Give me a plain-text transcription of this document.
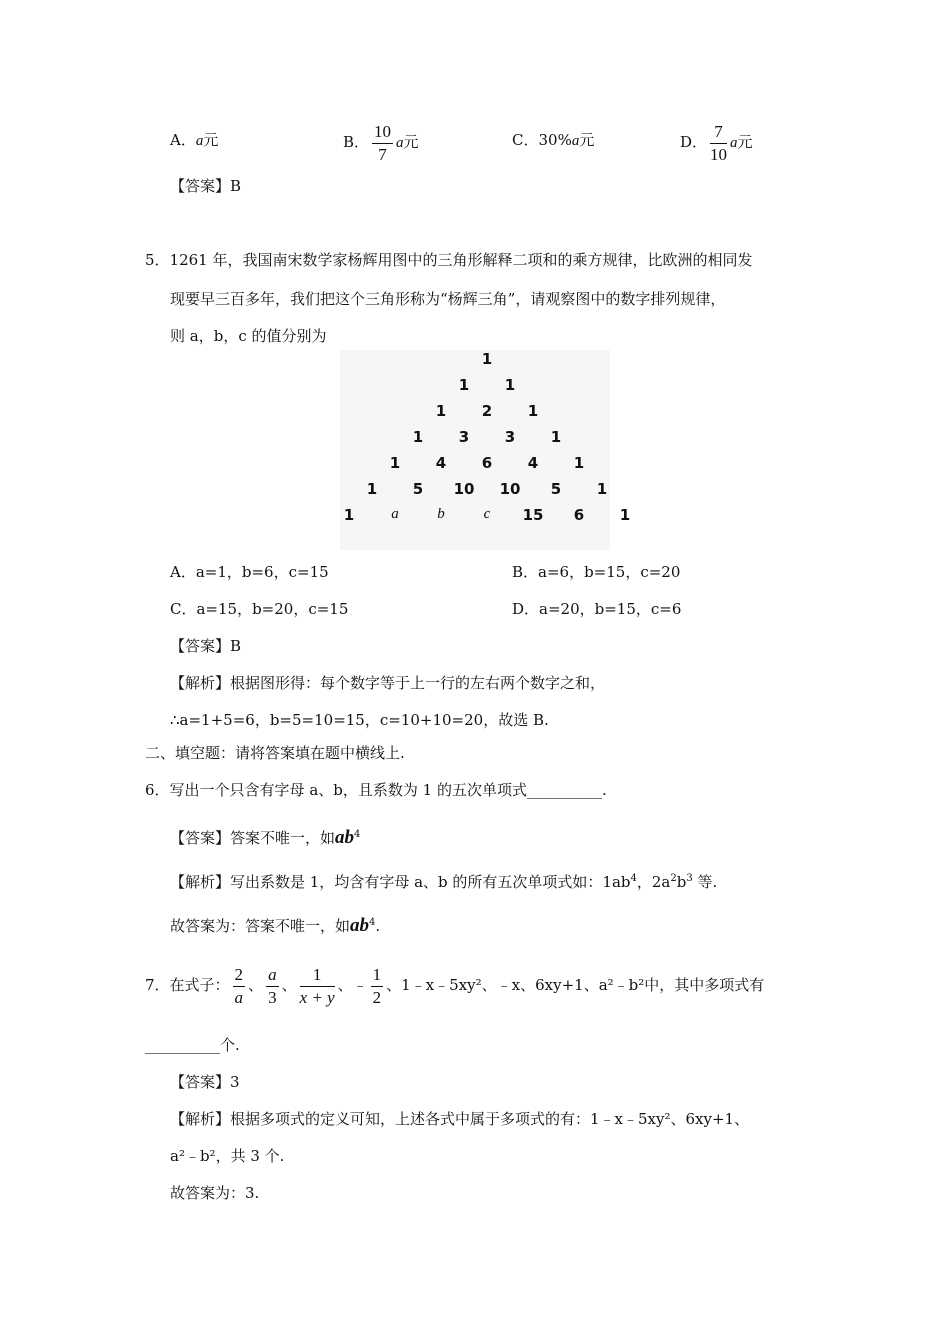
A．a元	B． $\frac{10}{7}$ a元	C．30%a元	D． $\frac{7}{10}$ a元
【答案】B
5．1261 年，我国南宋数学家杨辉用图中的三角形解释二项和的乘方规律，比欧洲的相同发
现要早三百多年，我们把这个三角形称为“杨辉三角”，请观察图中的数字排列规律，
则 a，b，c 的值分别为
1
1 1
1 2 1
1 3 3 1
1 4 6 4 1
1 5 10 10 5 1
1 a	b	c 15 6 1
A．a=1，b=6，c=15	B．a=6，b=15，c=20
C．a=15，b=20，c=15	D．a=20，b=15，c=6
【答案】B
【解析】根据图形得：每个数字等于上一行的左右两个数字之和，
∴a=1+5=6，b=5=10=15，c=10+10=20，故选 B.
二、填空题：请将答案填在题中横线上.
6．写出一个只含有字母 a、b，且系数为 1 的五次单项式__________.
【答案】答案不唯一，如$ab^4$
【解析】写出系数是 1，均含有字母 a、b 的所有五次单项式如：$1ab^4$，$2a^2b^3$ 等.
故答案为：答案不唯一，如$ab^4$.
7．在式子： $\frac{2}{a}$ 、 $\frac{a}{3}$ 、 $\frac{1}{x + y}$ 、﹣ $\frac{1}{2}$ 、1﹣x﹣5xy²、﹣x、6xy+1、a²﹣b²中，其中多项式有
__________个.
【答案】3
【解析】根据多项式的定义可知，上述各式中属于多项式的有：1﹣x﹣5xy²、6xy+1、
a²﹣b²，共 3 个.
故答案为：3.
